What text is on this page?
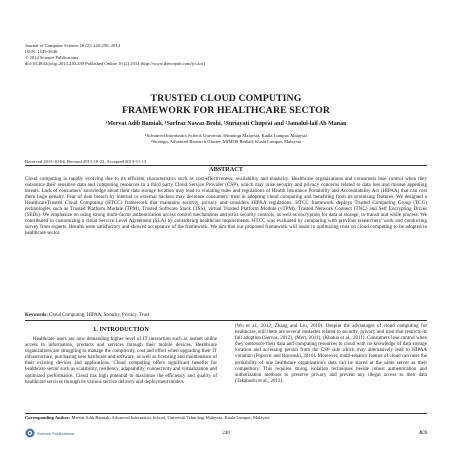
Journal of Computer Science 10 (2): 240-250, 2014
ISSN: 1549-3636
© 2014 Science Publications
doi:10.3844/jcssp.2014.240.250 Published Online 10 (2) 2014 (http://www.thescipub.com/jcs.toc)
TRUSTED CLOUD COMPUTING
FRAMEWORK FOR HEALTHCARE SECTOR
¹Mervat Adib Bamiah, ¹Sarfraz Nawaz Brohi, ¹Suriayati Chuprat and ²Jamalul-lail Ab Manan
¹Advanced Informatics School, Universiti Teknologi Malaysia, Kuala Lumpur, Malaysia
²Strategic Advanced Research Cluster, MIMOS Berhad, Kuala Lumpur, Malaysia
Received 2013-10-04, Revised 2013-10-22; Accepted 2013-11-13
ABSTRACT
Cloud computing is rapidly evolving due to its efficient characteristics such as cost-effectiveness, availability and elasticity. Healthcare organizations and consumers lose control when they outsource their sensitive data and computing resources to a third party Cloud Service Provider (CSP), which may raise security and privacy concerns related to data loss and misuse appealing threats. Lack of consumers' knowledge about their data storage location may lead to violating rules and regulations of Health Insurance Portability and Accountability Act (HIPAA) that can cost them huge penalty. Fear of data breach by internal or external hackers may decrease consumers' trust in adopting cloud computing and benefiting from its promising features. We designed a HealthcareTrusted Cloud Computing (HTCC) framework that maintains security, privacy and considers HIPAA regulations. HTCC framework deploys Trusted Computing Group (TCG) technologies such as Trusted Platform Module (TPM), Trusted Software Stack (TSS), virtual Trusted Platform Module (vTPM), Trusted Network Connect (TNC) and Self Encrypting Drives (SEDs). We emphasize on using strong multi-factor authentication access control mechanisms and strict security controls, as well as encryption for data at storage, in-transit and while process. We contributed in customizing a cloud Service Level Agreement (SLA) by considering healthcare requirements. HTCC was evaluated by comparing with previous researchers' work and conducting survey from experts. Results were satisfactory and showed acceptance of the framework. We aim that our proposed framework will assist in optimizing trust on cloud computing to be adopted in healthcare sector.
Keywords: Cloud Computing, HIPAA, Security, Privacy, Trust
1. INTRODUCTION
Healthcare users are now demanding higher level of IT interaction such as instant online access to information, products and services through their mobile devices. Healthcare organizations are struggling to manage the complexity, cost and effort when upgrading their IT infrastructure, purchasing new hardware and software, as well as licensing and maintenance of their existing devices and applications. Cloud computing offers significant benefits for healthcare sector such as scalability, resiliency, adaptability, connectivity and virtualization and optimized performance. Cloud has high potential to maximize the efficiency and quality of healthcare services through its various service delivery and deployment models
(Wu et al., 2012; Zhang and Liu, 2010). Despite the advantages of cloud computing for healthcare, still there are several obstacles related to security, privacy and trust that restricts its full adoption (Servos, 2012), (Mert, 2011), (Khatua et al., 2011). Consumers lose control when they outsource their data and computing resources to cloud with no knowledge of data storage location and accessing person from the CSP side which may alternatively lead to HIPAA violation (Popovic and Hocenski, 2010). Moreover, multi-tenancy feature of cloud can raise the probability of one healthcare organization's data can be stored at the same server as their competitors. This requires strong isolation techniques beside robust authentication and authorization methods to preserve privacy and prevent any illegal access to their data (Takabashi et al., 2012).
Corresponding Author: Mervat Adib Bamiah, Advanced Informatics School, Universiti Teknologi Malaysia, Kuala Lumpur, Malaysia
Science Publications	240	JCS
